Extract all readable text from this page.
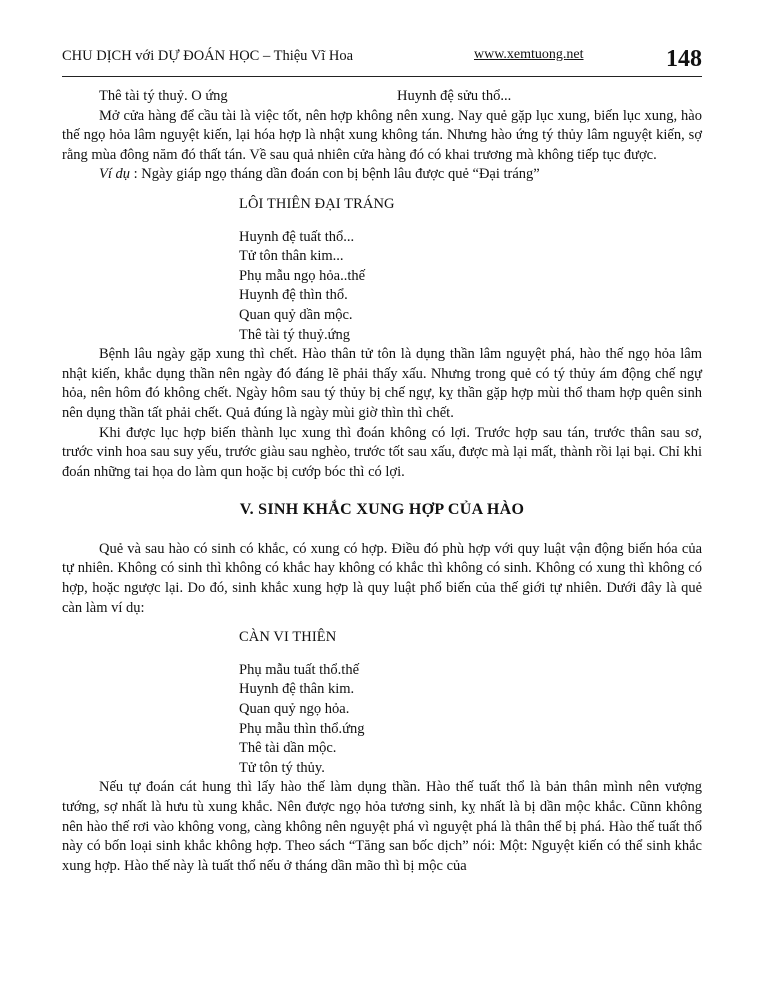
CHU DỊCH với DỰ ĐOÁN HỌC – Thiệu Vĩ Hoa	www.xemtuong.net	148
Thê tài tý thuỷ. O ứng	Huynh đệ sửu thổ...

Mở cửa hàng để cầu tài là việc tốt, nên hợp không nên xung. Nay quẻ gặp lục xung, biến lục xung, hào thế ngọ hỏa lâm nguyệt kiến, lại hóa hợp là nhật xung không tán. Nhưng hào ứng tý thủy lâm nguyệt kiến, sợ rằng mùa đông năm đó thất tán. Về sau quả nhiên cửa hàng đó có khai trương mà không tiếp tục được.

Ví dụ : Ngày giáp ngọ tháng dần đoán con bị bệnh lâu được quẻ “Đại tráng”

LÔI THIÊN ĐẠI TRÁNG
Huynh đệ tuất thổ...
Tử tôn thân kim...
Phụ mẫu ngọ hỏa..thế
Huynh đệ thìn thổ.
Quan quỷ dần mộc.
Thê tài tý thuỷ.ứng

Bệnh lâu ngày gặp xung thì chết. Hào thân tử tôn là dụng thần lâm nguyệt phá, hào thế ngọ hỏa lâm nhật kiến, khắc dụng thần nên ngày đó đáng lẽ phải thấy xấu. Nhưng trong quẻ có tý thủy ám động chế ngự hỏa, nên hôm đó không chết. Ngày hôm sau tý thủy bị chế ngự, kỵ thần gặp hợp mùi thổ tham hợp quên sinh nên dụng thần tất phải chết. Quả đúng là ngày mùi giờ thìn thì chết.

Khi được lục hợp biến thành lục xung thì đoán không có lợi. Trước hợp sau tán, trước thân sau sơ, trước vinh hoa sau suy yếu, trước giàu sau nghèo, trước tốt sau xấu, được mà lại mất, thành rồi lại bại. Chỉ khi đoán những tai họa do làm qun hoặc bị cướp bóc thì có lợi.

V. SINH KHẮC XUNG HỢP CỦA HÀO

Quẻ và sau hào có sinh có khắc, có xung có hợp. Điều đó phù hợp với quy luật vận động biến hóa của tự nhiên. Không có sinh thì không có khắc hay không có khắc thì không có sinh. Không có xung thì không có hợp, hoặc ngược lại. Do đó, sinh khắc xung hợp là quy luật phổ biến của thế giới tự nhiên. Dưới đây là quẻ càn làm ví dụ:

CÀN VI THIÊN
Phụ mẫu tuất thổ.thế
Huynh đệ thân kim.
Quan quỷ ngọ hỏa.
Phụ mẫu thìn thổ.ứng
Thê tài dần mộc.
Tử tôn tý thủy.

Nếu tự đoán cát hung thì lấy hào thế làm dụng thần. Hào thế tuất thổ là bản thân mình nên vượng tướng, sợ nhất là hưu tù xung khắc. Nên được ngọ hỏa tương sinh, kỵ nhất là bị dần mộc khắc. Cũnn không nên hào thế rơi vào không vong, càng không nên nguyệt phá vì nguyệt phá là thân thể bị phá. Hào thế tuất thổ này có bốn loại sinh khắc không hợp. Theo sách “Tăng san bốc dịch” nói: Một: Nguyệt kiến có thể sinh khắc xung hợp. Hào thế này là tuất thổ nếu ở tháng dần mão thì bị mộc của
